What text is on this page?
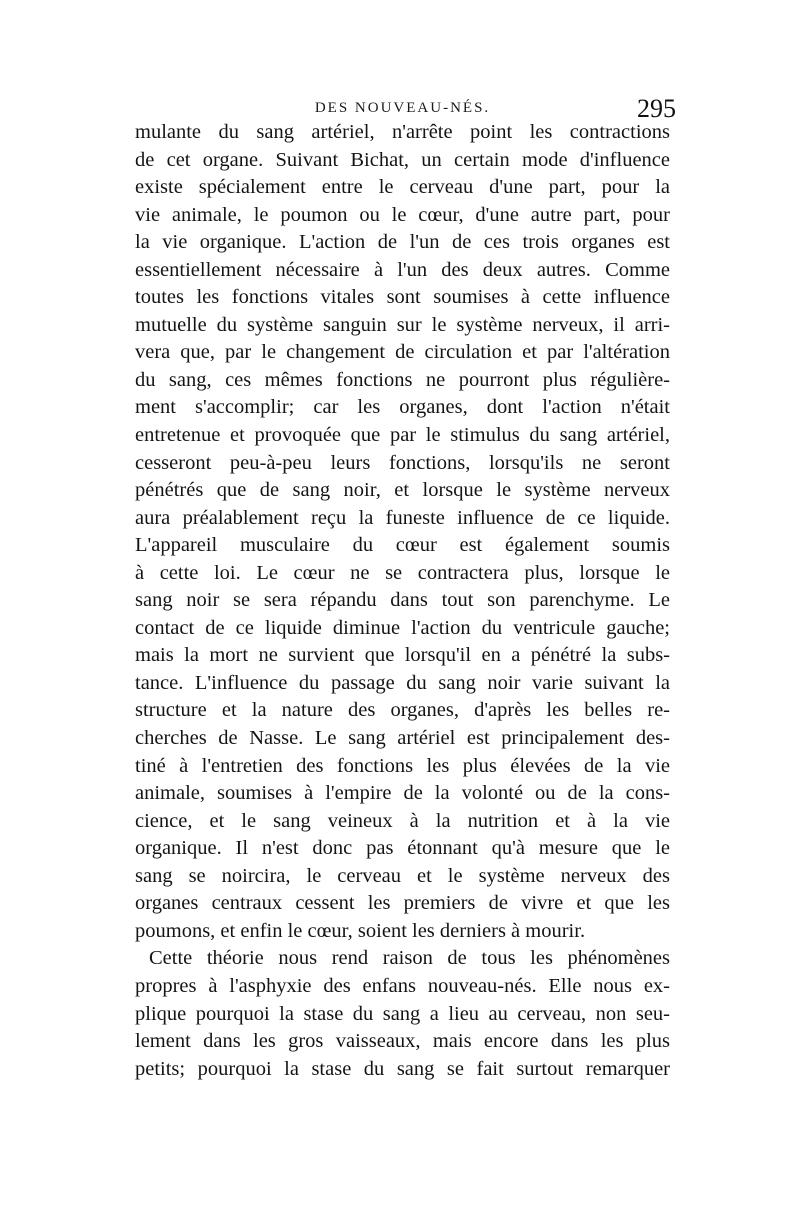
DES NOUVEAU-NÉS.	295
mulante du sang artériel, n'arrête point les contractions
de cet organe. Suivant Bichat, un certain mode d'influence
existe spécialement entre le cerveau d'une part, pour la
vie animale, le poumon ou le cœur, d'une autre part, pour
la vie organique. L'action de l'un de ces trois organes est
essentiellement nécessaire à l'un des deux autres. Comme
toutes les fonctions vitales sont soumises à cette influence
mutuelle du système sanguin sur le système nerveux, il arri-
vera que, par le changement de circulation et par l'altération
du sang, ces mêmes fonctions ne pourront plus régulière-
ment s'accomplir; car les organes, dont l'action n'était
entretenue et provoquée que par le stimulus du sang artériel,
cesseront peu-à-peu leurs fonctions, lorsqu'ils ne seront
pénétrés que de sang noir, et lorsque le système nerveux
aura préalablement reçu la funeste influence de ce liquide.
L'appareil musculaire du cœur est également soumis
à cette loi. Le cœur ne se contractera plus, lorsque le
sang noir se sera répandu dans tout son parenchyme. Le
contact de ce liquide diminue l'action du ventricule gauche;
mais la mort ne survient que lorsqu'il en a pénétré la subs-
tance. L'influence du passage du sang noir varie suivant la
structure et la nature des organes, d'après les belles re-
cherches de Nasse. Le sang artériel est principalement des-
tiné à l'entretien des fonctions les plus élevées de la vie
animale, soumises à l'empire de la volonté ou de la cons-
cience, et le sang veineux à la nutrition et à la vie
organique. Il n'est donc pas étonnant qu'à mesure que le
sang se noircira, le cerveau et le système nerveux des
organes centraux cessent les premiers de vivre et que les
poumons, et enfin le cœur, soient les derniers à mourir.
Cette théorie nous rend raison de tous les phénomènes
propres à l'asphyxie des enfans nouveau-nés. Elle nous ex-
plique pourquoi la stase du sang a lieu au cerveau, non seu-
lement dans les gros vaisseaux, mais encore dans les plus
petits; pourquoi la stase du sang se fait surtout remarquer
